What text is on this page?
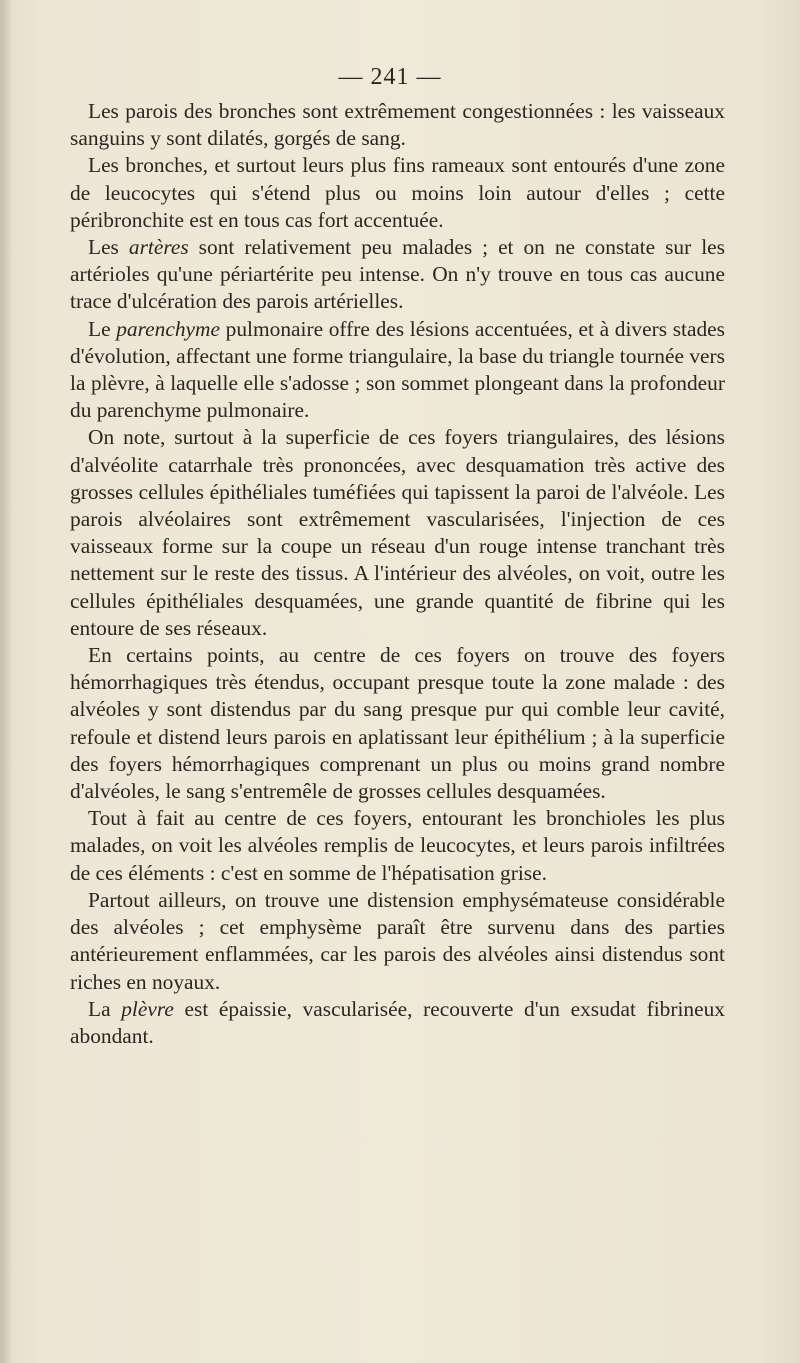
— 241 —

Les parois des bronches sont extrêmement congestionnées : les vaisseaux sanguins y sont dilatés, gorgés de sang.

Les bronches, et surtout leurs plus fins rameaux sont entourés d'une zone de leucocytes qui s'étend plus ou moins loin autour d'elles ; cette péribronchite est en tous cas fort accentuée.

Les artères sont relativement peu malades ; et on ne constate sur les artérioles qu'une périartérite peu intense. On n'y trouve en tous cas aucune trace d'ulcération des parois artérielles.

Le parenchyme pulmonaire offre des lésions accentuées, et à divers stades d'évolution, affectant une forme triangulaire, la base du triangle tournée vers la plèvre, à laquelle elle s'adosse ; son sommet plongeant dans la profondeur du parenchyme pulmonaire.

On note, surtout à la superficie de ces foyers triangulaires, des lésions d'alvéolite catarrhale très prononcées, avec desquamation très active des grosses cellules épithéliales tuméfiées qui tapissent la paroi de l'alvéole. Les parois alvéolaires sont extrêmement vascularisées, l'injection de ces vaisseaux forme sur la coupe un réseau d'un rouge intense tranchant très nettement sur le reste des tissus. A l'intérieur des alvéoles, on voit, outre les cellules épithéliales desquamées, une grande quantité de fibrine qui les entoure de ses réseaux.

En certains points, au centre de ces foyers on trouve des foyers hémorrhagiques très étendus, occupant presque toute la zone malade : des alvéoles y sont distendus par du sang presque pur qui comble leur cavité, refoule et distend leurs parois en aplatissant leur épithélium ; à la superficie des foyers hémorrhagiques comprenant un plus ou moins grand nombre d'alvéoles, le sang s'entremêle de grosses cellules desquamées.

Tout à fait au centre de ces foyers, entourant les bronchioles les plus malades, on voit les alvéoles remplis de leucocytes, et leurs parois infiltrées de ces éléments : c'est en somme de l'hépatisation grise.

Partout ailleurs, on trouve une distension emphysémateuse considérable des alvéoles ; cet emphysème paraît être survenu dans des parties antérieurement enflammées, car les parois des alvéoles ainsi distendus sont riches en noyaux.

La plèvre est épaissie, vascularisée, recouverte d'un exsudat fibrineux abondant.
